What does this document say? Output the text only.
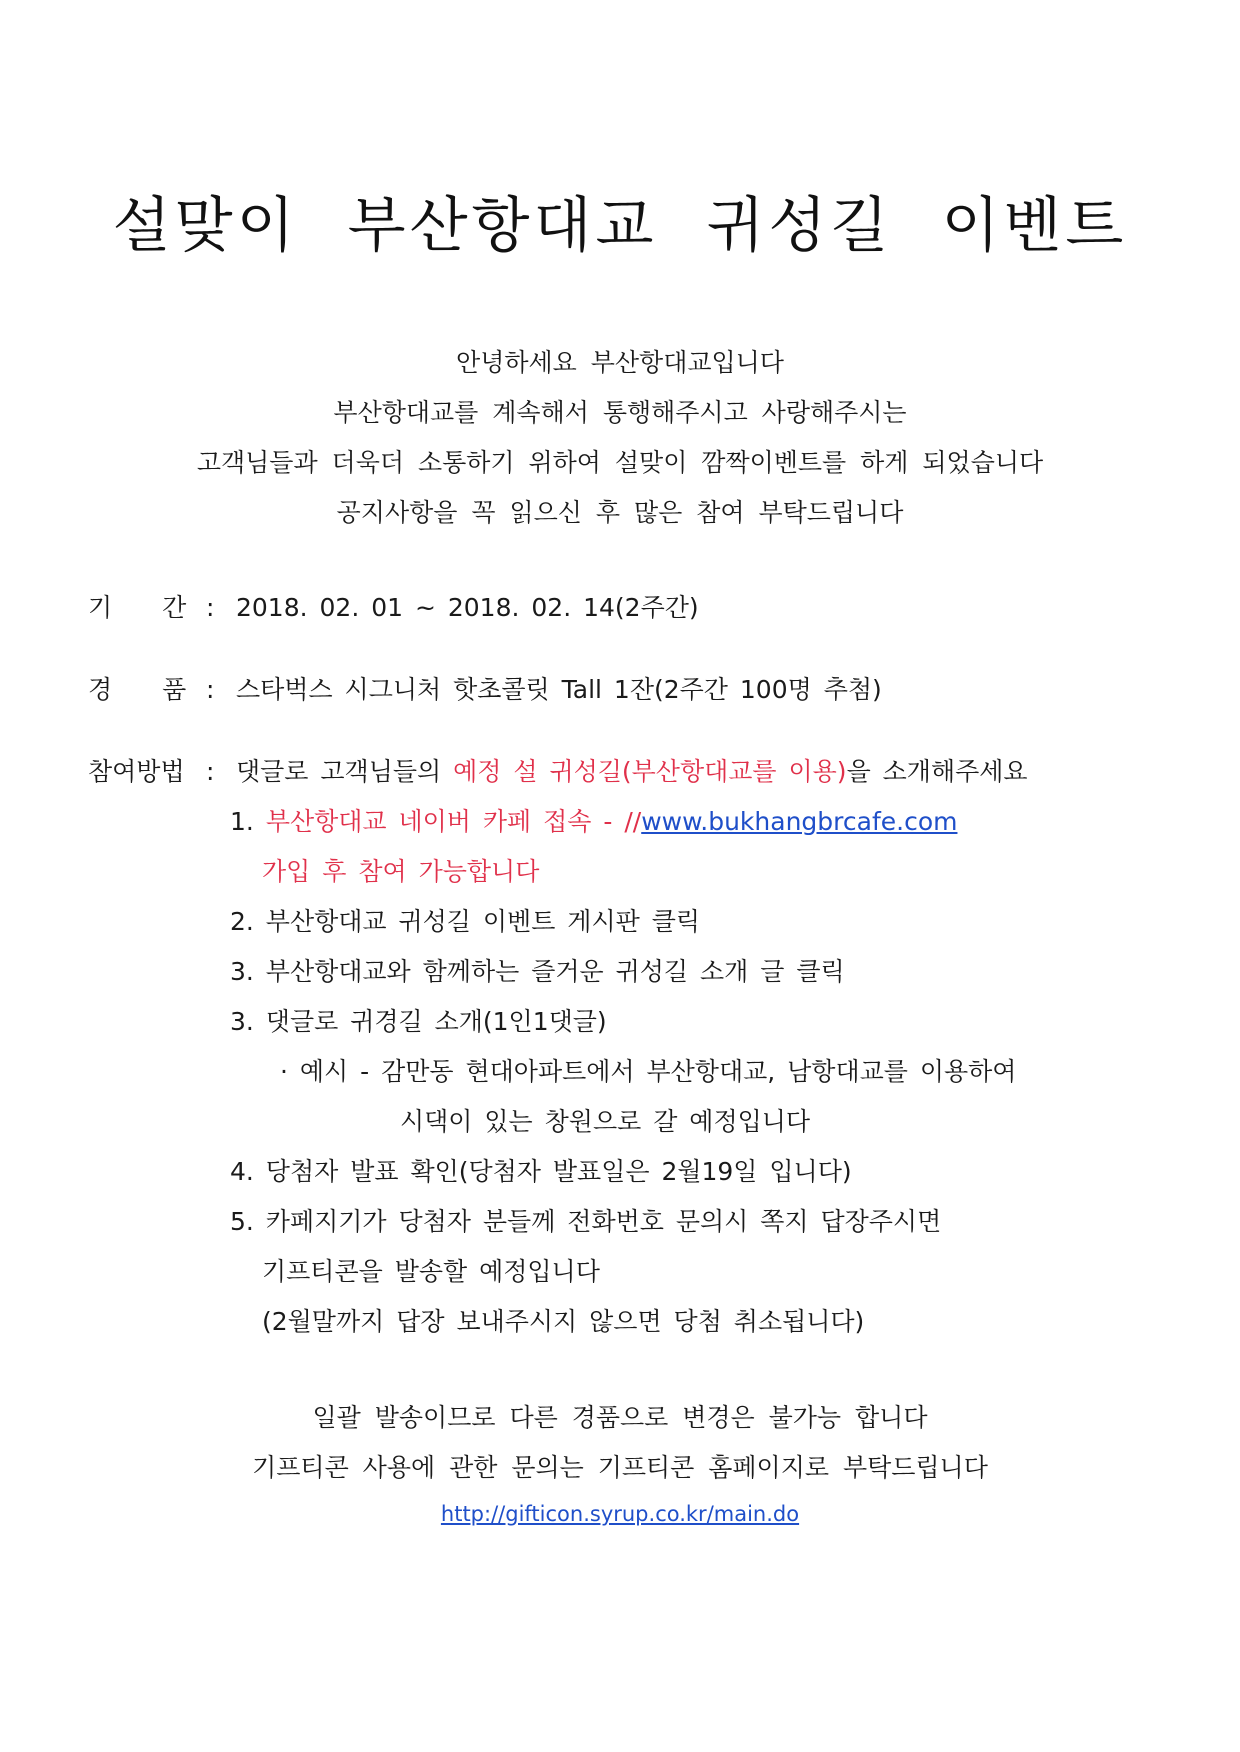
설맞이 부산항대교 귀성길 이벤트
안녕하세요 부산항대교입니다
부산항대교를 계속해서 통행해주시고 사랑해주시는
고객님들과 더욱더 소통하기 위하여 설맞이 깜짝이벤트를 하게 되었습니다
공지사항을 꼭 읽으신 후 많은 참여 부탁드립니다
기　　간 : 2018. 02. 01 ~ 2018. 02. 14(2주간)
경　　품 : 스타벅스 시그니처 핫초콜릿 Tall 1잔(2주간 100명 추첨)
참여방법 : 댓글로 고객님들의 예정 설 귀성길(부산항대교를 이용)을 소개해주세요
1. 부산항대교 네이버 카페 접속 - //www.bukhangbrcafe.com
가입 후 참여 가능합니다
2. 부산항대교 귀성길 이벤트 게시판 클릭
3. 부산항대교와 함께하는 즐거운 귀성길 소개 글 클릭
3. 댓글로 귀경길 소개(1인1댓글)
· 예시 - 감만동 현대아파트에서 부산항대교, 남항대교를 이용하여
시댁이 있는 창원으로 갈 예정입니다
4. 당첨자 발표 확인(당첨자 발표일은 2월19일 입니다)
5. 카페지기가 당첨자 분들께 전화번호 문의시 쪽지 답장주시면
기프티콘을 발송할 예정입니다
(2월말까지 답장 보내주시지 않으면 당첨 취소됩니다)
일괄 발송이므로 다른 경품으로 변경은 불가능 합니다
기프티콘 사용에 관한 문의는 기프티콘 홈페이지로 부탁드립니다
http://gifticon.syrup.co.kr/main.do
